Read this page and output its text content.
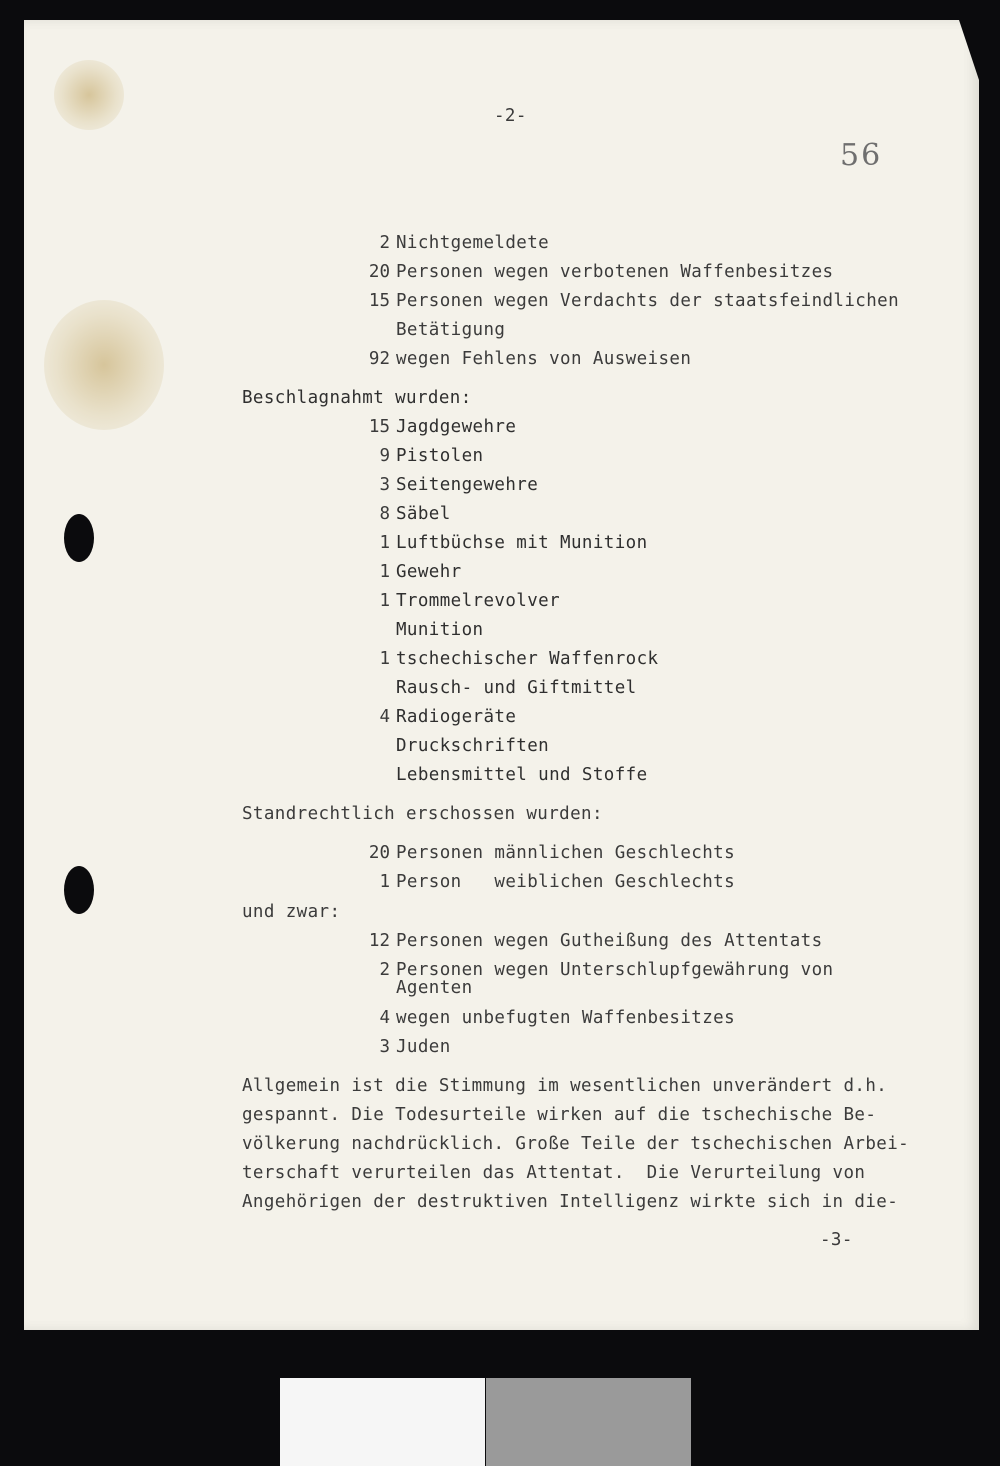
-2-
56
2 Nichtgemeldete
20 Personen wegen verbotenen Waffenbesitzes
15 Personen wegen Verdachts der staatsfeindlichen
Betätigung
92 wegen Fehlens von Ausweisen
Beschlagnahmt wurden:
15 Jagdgewehre
9 Pistolen
3 Seitengewehre
8 Säbel
1 Luftbüchse mit Munition
1 Gewehr
1 Trommelrevolver
Munition
1 tschechischer Waffenrock
Rausch- und Giftmittel
4 Radiogeräte
Druckschriften
Lebensmittel und Stoffe
Standrechtlich erschossen wurden:
20 Personen männlichen Geschlechts
1 Person   weiblichen Geschlechts
und zwar:
12 Personen wegen Gutheißung des Attentats
2 Personen wegen Unterschlupfgewährung von
Agenten
4 wegen unbefugten Waffenbesitzes
3 Juden
Allgemein ist die Stimmung im wesentlichen unverändert d.h.
gespannt. Die Todesurteile wirken auf die tschechische Be-
völkerung nachdrücklich. Große Teile der tschechischen Arbei-
terschaft verurteilen das Attentat.  Die Verurteilung von
Angehörigen der destruktiven Intelligenz wirkte sich in die-
-3-
